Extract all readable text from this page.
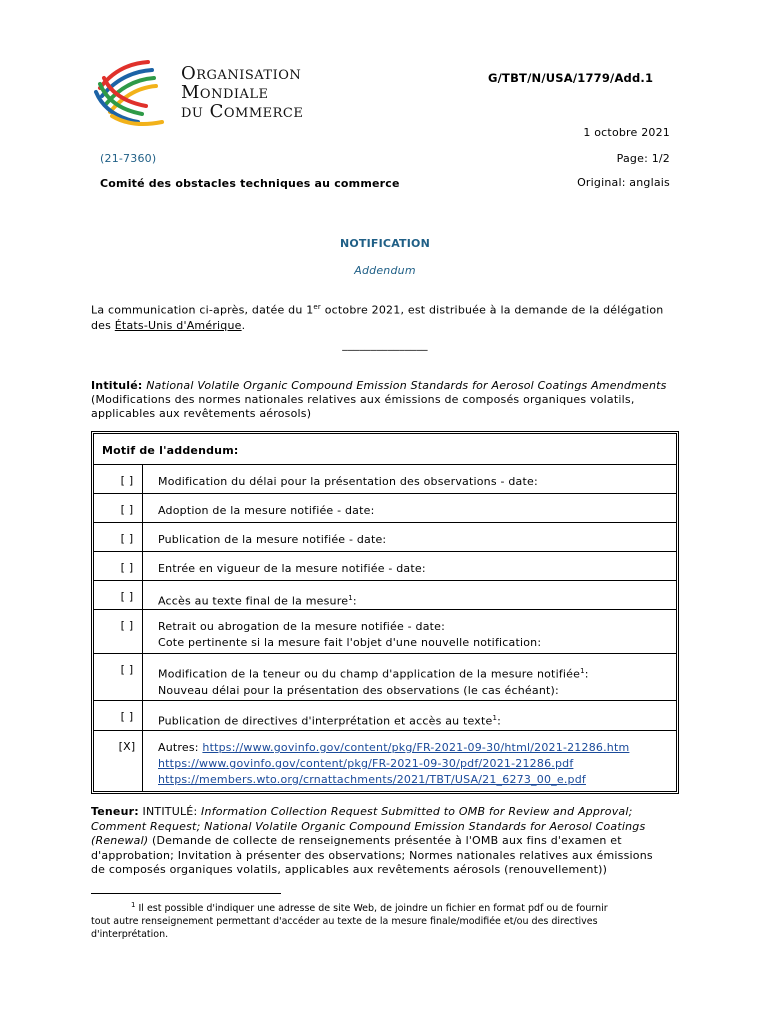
Organisation
Mondiale
du Commerce
G/TBT/N/USA/1779/Add.1
1 octobre 2021
(21-7360)	Page: 1/2
Comité des obstacles techniques au commerce	Original: anglais
NOTIFICATION
Addendum
La communication ci-après, datée du 1er octobre 2021, est distribuée à la demande de la délégation
des États-Unis d'Amérique.
_______________
Intitulé: National Volatile Organic Compound Emission Standards for Aerosol Coatings Amendments
(Modifications des normes nationales relatives aux émissions de composés organiques volatils,
applicables aux revêtements aérosols)
Motif de l'addendum:
[ ]	Modification du délai pour la présentation des observations - date:
[ ]	Adoption de la mesure notifiée - date:
[ ]	Publication de la mesure notifiée - date:
[ ]	Entrée en vigueur de la mesure notifiée - date:
[ ]	Accès au texte final de la mesure$^1$:
[ ]	Retrait ou abrogation de la mesure notifiée - date:
Cote pertinente si la mesure fait l'objet d'une nouvelle notification:
[ ]	Modification de la teneur ou du champ d'application de la mesure notifiée$^1$:
Nouveau délai pour la présentation des observations (le cas échéant):
[ ]	Publication de directives d'interprétation et accès au texte$^1$:
[X]	Autres: https://www.govinfo.gov/content/pkg/FR-2021-09-30/html/2021-21286.htm
https://www.govinfo.gov/content/pkg/FR-2021-09-30/pdf/2021-21286.pdf
https://members.wto.org/crnattachments/2021/TBT/USA/21_6273_00_e.pdf
Teneur: INTITULÉ: Information Collection Request Submitted to OMB for Review and Approval;
Comment Request; National Volatile Organic Compound Emission Standards for Aerosol Coatings
(Renewal) (Demande de collecte de renseignements présentée à l'OMB aux fins d'examen et
d'approbation; Invitation à présenter des observations; Normes nationales relatives aux émissions
de composés organiques volatils, applicables aux revêtements aérosols (renouvellement))
$^1$ Il est possible d'indiquer une adresse de site Web, de joindre un fichier en format pdf ou de fournir
tout autre renseignement permettant d'accéder au texte de la mesure finale/modifiée et/ou des directives
d'interprétation.
